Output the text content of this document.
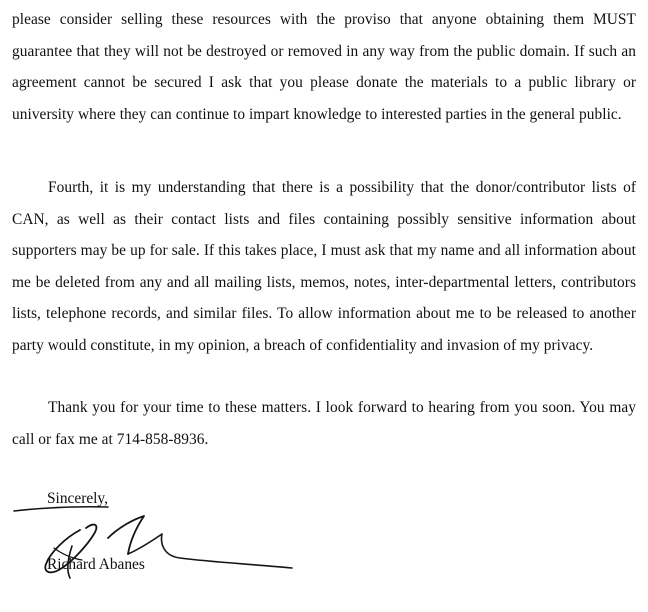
please consider selling these resources with the proviso that anyone obtaining them MUST guarantee that they will not be destroyed or removed in any way from the public domain. If such an agreement cannot be secured I ask that you please donate the materials to a public library or university where they can continue to impart knowledge to interested parties in the general public.

Fourth, it is my understanding that there is a possibility that the donor/contributor lists of CAN, as well as their contact lists and files containing possibly sensitive information about supporters may be up for sale. If this takes place, I must ask that my name and all information about me be deleted from any and all mailing lists, memos, notes, inter-departmental letters, contributors lists, telephone records, and similar files. To allow information about me to be released to another party would constitute, in my opinion, a breach of confidentiality and invasion of my privacy.

Thank you for your time to these matters. I look forward to hearing from you soon. You may call or fax me at 714-858-8936.

Sincerely,

Richard Abanes
